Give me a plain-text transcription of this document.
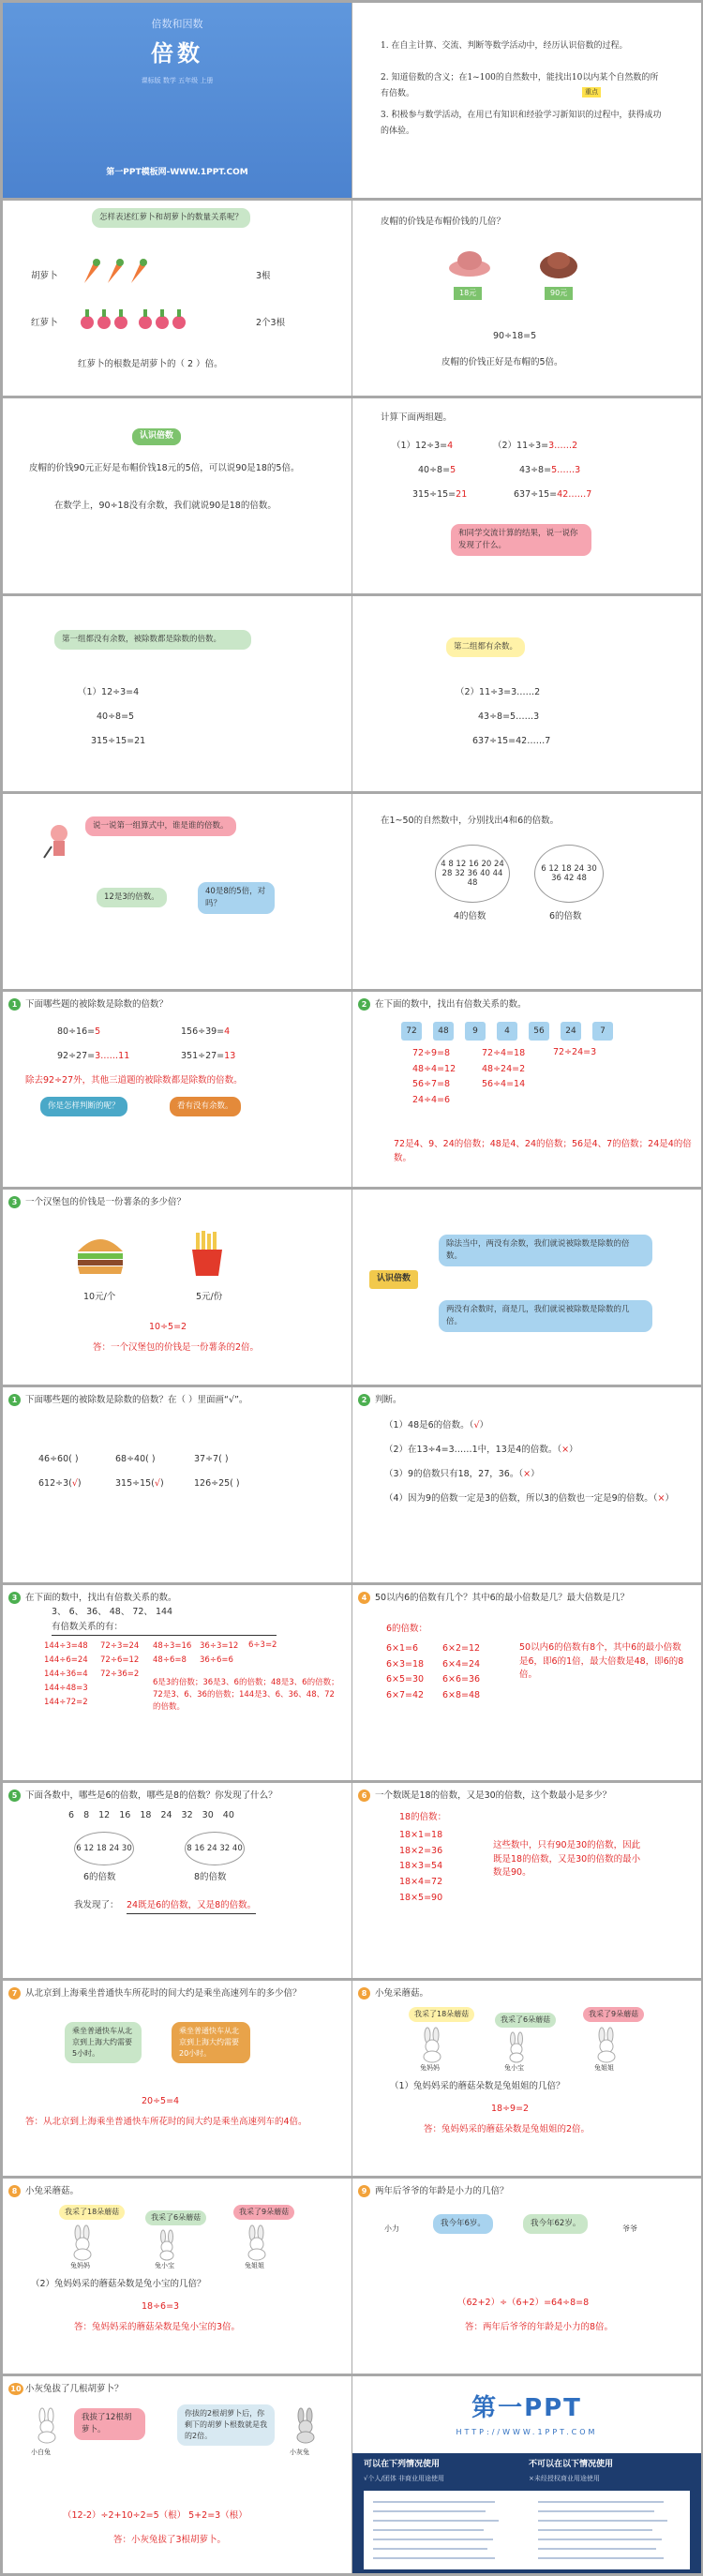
倍数和因数
倍数
课标版 数学 五年级 上册
第一PPT模板网-WWW.1PPT.COM
1. 在自主计算、交流、判断等数学活动中，经历认识倍数的过程。
2. 知道倍数的含义；在1~100的自然数中，能找出10以内某个自然数的所有倍数。	重点
3. 积极参与数学活动，在用已有知识和经验学习新知识的过程中，获得成功的体验。
怎样表述红萝卜和胡萝卜的数量关系呢？
胡萝卜	3根
红萝卜	2个3根
红萝卜的根数是胡萝卜的（ 2 ）倍。
皮帽的价钱是布帽价钱的几倍？
18元	90元
90÷18=5
皮帽的价钱正好是布帽的5倍。
认识倍数
皮帽的价钱90元正好是布帽价钱18元的5倍，可以说90是18的5倍。
在数学上，90÷18没有余数，我们就说90是18的倍数。
计算下面两组题。
（1）12÷3=4
40÷8=5
315÷15=21
（2）11÷3=3……2
43÷8=5……3
637÷15=42……7
和同学交流计算的结果，说一说你发现了什么。
第一组都没有余数，被除数都是除数的倍数。
（1）12÷3=4
40÷8=5
315÷15=21
第二组都有余数。
（2）11÷3=3……2
43÷8=5……3
637÷15=42……7
说一说第一组算式中，谁是谁的倍数。
12是3的倍数。
40是8的5倍，对吗？
在1~50的自然数中，分别找出4和6的倍数。
4 8 12 16 20 24 28 32 36 40 44 48
4的倍数
6 12 18 24 30 36 42 48
6的倍数
1 下面哪些题的被除数是除数的倍数？
80÷16=5	156÷39=4
92÷27=3……11	351÷27=13
除去92÷27外，其他三道题的被除数都是除数的倍数。
你是怎样判断的呢？	看有没有余数。
2 在下面的数中，找出有倍数关系的数。
72	48	9	4	56	24	7
72÷9=8
48÷4=12
56÷7=8
24÷4=6
72÷4=18
48÷24=2
56÷4=14
72÷24=3
72是4、9、24的倍数；48是4、24的倍数；56是4、7的倍数；24是4的倍数。
3 一个汉堡包的价钱是一份薯条的多少倍？
10元/个	5元/份
10÷5=2
答：一个汉堡包的价钱是一份薯条的2倍。
认识倍数
除法当中，两没有余数，我们就说被除数是除数的倍数。
两没有余数时，商是几，我们就说被除数是除数的几倍。
1 下面哪些题的被除数是除数的倍数？在（ ）里面画“√”。
46÷60( )	68÷40( )	37÷7( )
612÷3(√)	315÷15(√)	126÷25( )
2 判断。
（1）48是6的倍数。（√）
（2）在13÷4=3……1中，13是4的倍数。（×）
（3）9的倍数只有18，27，36。（×）
（4）因为9的倍数一定是3的倍数，所以3的倍数也一定是9的倍数。（×）
3 在下面的数中，找出有倍数关系的数。
3、 6、 36、 48、 72、 144
有倍数关系的有：
144÷3=48
144÷6=24
144÷36=4
144÷48=3
144÷72=2
72÷3=24
72÷6=12
72÷36=2
48÷3=16
48÷6=8
36÷3=12
36÷6=6
6÷3=2
6是3的倍数；36是3、6的倍数；48是3、6的倍数；72是3、6、36的倍数；144是3、6、36、48、72的倍数。
4 50以内6的倍数有几个？其中6的最小倍数是几？最大倍数是几？
6的倍数：
6×1=6
6×3=18
6×5=30
6×7=42
6×2=12
6×4=24
6×6=36
6×8=48
50以内6的倍数有8个，其中6的最小倍数是6，即6的1倍，最大倍数是48，即6的8倍。
5 下面各数中，哪些是6的倍数，哪些是8的倍数？你发现了什么？
6 8 12 16 18 24 32 30 40
6 12 18 24 30
6的倍数
8 16 24 32 40
8的倍数
我发现了： 24既是6的倍数，又是8的倍数。
6 一个数既是18的倍数，又是30的倍数，这个数最小是多少？
18的倍数：
18×1=18
18×2=36
18×3=54
18×4=72
18×5=90
这些数中，只有90是30的倍数，因此既是18的倍数，又是30的倍数的最小数是90。
7 从北京到上海乘坐普通快车所花时的间大约是乘坐高速列车的多少倍？
乘坐普通快车从北京到上海大约需要5小时。
乘坐普通快车从北京到上海大约需要20小时。
20÷5=4
答：从北京到上海乘坐普通快车所花时的间大约是乘坐高速列车的4倍。
8 小兔采蘑菇。
我采了18朵蘑菇
我采了6朵蘑菇
我采了9朵蘑菇
兔妈妈	兔小宝	兔姐姐
（1）兔妈妈采的蘑菇朵数是兔姐姐的几倍？
18÷9=2
答：兔妈妈采的蘑菇朵数是兔姐姐的2倍。
8 小兔采蘑菇。
我采了18朵蘑菇
我采了6朵蘑菇
我采了9朵蘑菇
兔妈妈	兔小宝	兔姐姐
（2）兔妈妈采的蘑菇朵数是兔小宝的几倍？
18÷6=3
答：兔妈妈采的蘑菇朵数是兔小宝的3倍。
9 两年后爷爷的年龄是小力的几倍？
小力
我今年6岁。	我今年62岁。
爷爷
（62+2）÷（6+2）=64÷8=8
答：两年后爷爷的年龄是小力的8倍。
10 小灰兔拔了几根胡萝卜？
我拔了12根胡萝卜。
你拔的2根胡萝卜后，你剩下的胡萝卜根数就是我的2倍。
小白兔	小灰兔
（12-2）÷2+10÷2=5（根） 5+2=3（根）
答：小灰兔拔了3根胡萝卜。
第一PPT
HTTP://WWW.1PPT.COM
可以在下列情况使用	不可以在以下情况使用
√个人/团体 非商业用途使用	×未经授权商业用途使用
